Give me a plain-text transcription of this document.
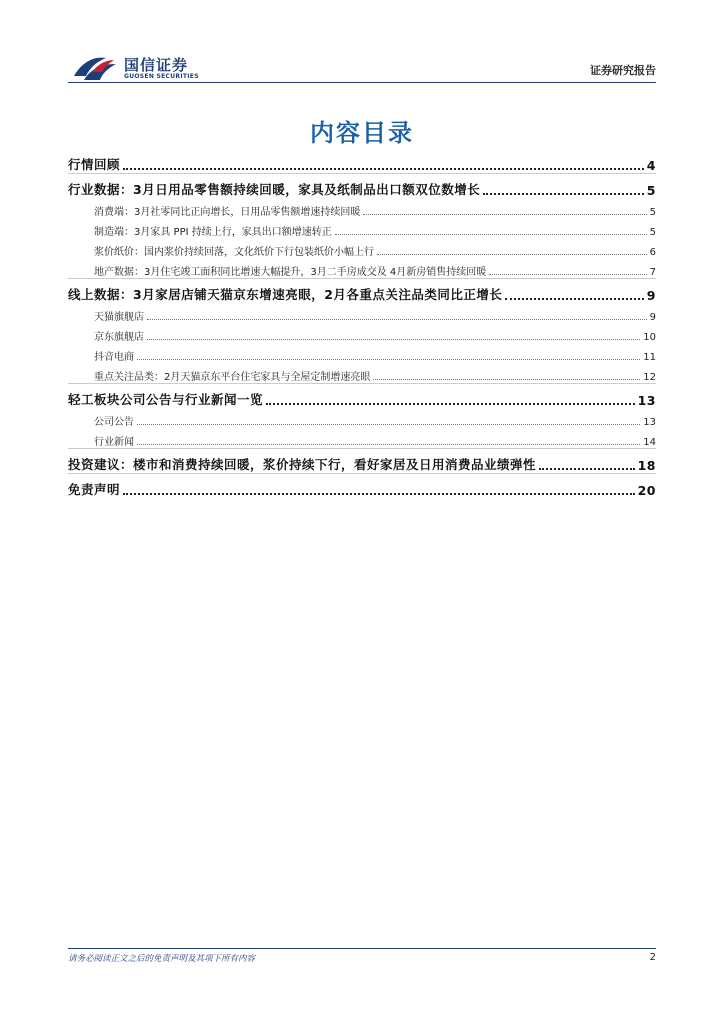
国信证券
GUOSEN SECURITIES	证券研究报告
内容目录
行情回顾	4
行业数据：3月日用品零售额持续回暖，家具及纸制品出口额双位数增长	5
消费端：3月社零同比正向增长，日用品零售额增速持续回暖	5
制造端：3月家具 PPI 持续上行，家具出口额增速转正	5
浆价纸价：国内浆价持续回落，文化纸价下行包装纸价小幅上行	6
地产数据：3月住宅竣工面积同比增速大幅提升，3月二手房成交及 4月新房销售持续回暖	7
线上数据：3月家居店铺天猫京东增速亮眼，2月各重点关注品类同比正增长	9
天猫旗舰店	9
京东旗舰店	10
抖音电商	11
重点关注品类：2月天猫京东平台住宅家具与全屋定制增速亮眼	12
轻工板块公司公告与行业新闻一览	13
公司公告	13
行业新闻	14
投资建议：楼市和消费持续回暖，浆价持续下行，看好家居及日用消费品业绩弹性	18
免责声明	20
请务必阅读正文之后的免责声明及其项下所有内容	2
